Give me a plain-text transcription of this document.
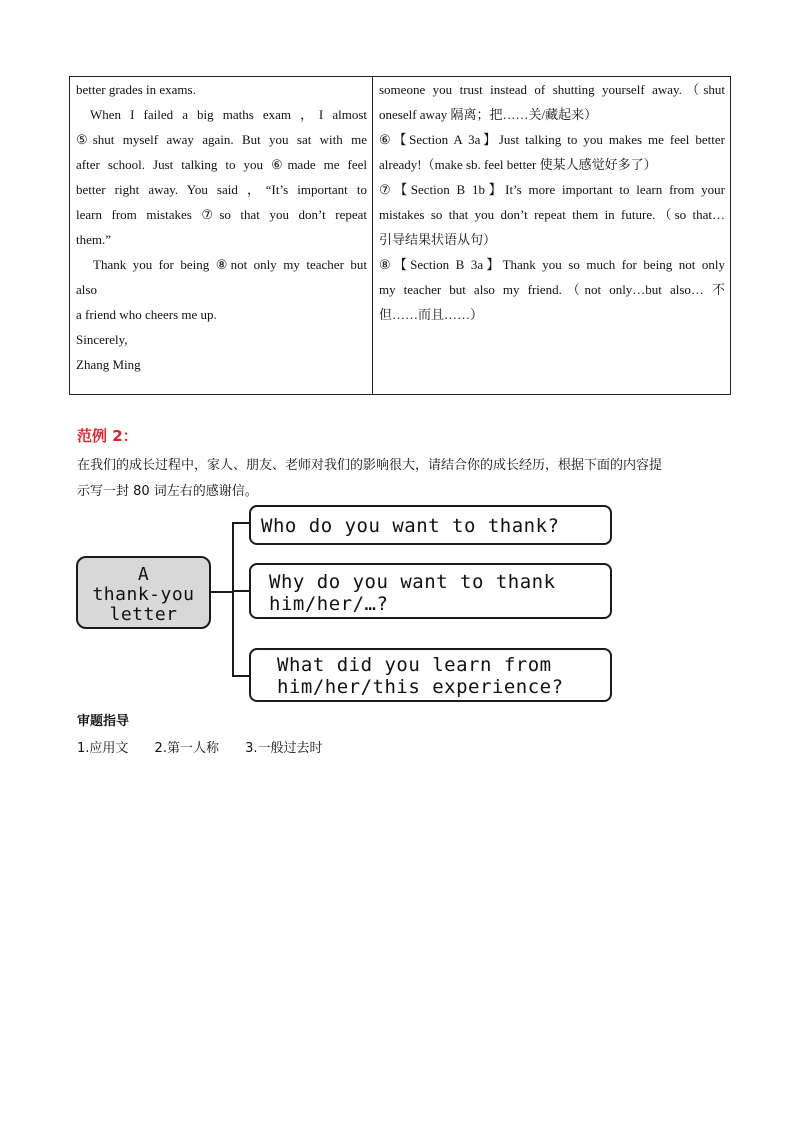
better grades in exams.
When I failed a big maths exam ，I almost
⑤shut myself away again. But you sat with me
after school. Just talking to you ⑥made me feel
better right away. You said ，“It’s important to
learn from mistakes ⑦so that you don’t repeat
them.”
Thank you for being ⑧not only my teacher but
also
a friend who cheers me up.
Sincerely,
Zhang Ming
someone you trust instead of shutting yourself away.（shut
oneself away 隔离；把……关/藏起来）
⑥【Section A 3a】Just talking to you makes me feel better
already!（make sb. feel better 使某人感觉好多了）
⑦【Section B 1b】It’s more important to learn from your
mistakes so that you don’t repeat them in future.（so that…
引导结果状语从句）
⑧【Section B 3a】Thank you so much for being not only
my teacher but also my friend.（not only…but also… 不
但……而且……）
范例 2：
在我们的成长过程中，家人、朋友、老师对我们的影响很大，请结合你的成长经历，根据下面的内容提
示写一封 80 词左右的感谢信。
A
thank-you
letter
Who do you want to thank?
Why do you want to thank
him/her/…?
What did you learn from
him/her/this experience?
审题指导
1.应用文 2.第一人称 3.一般过去时
